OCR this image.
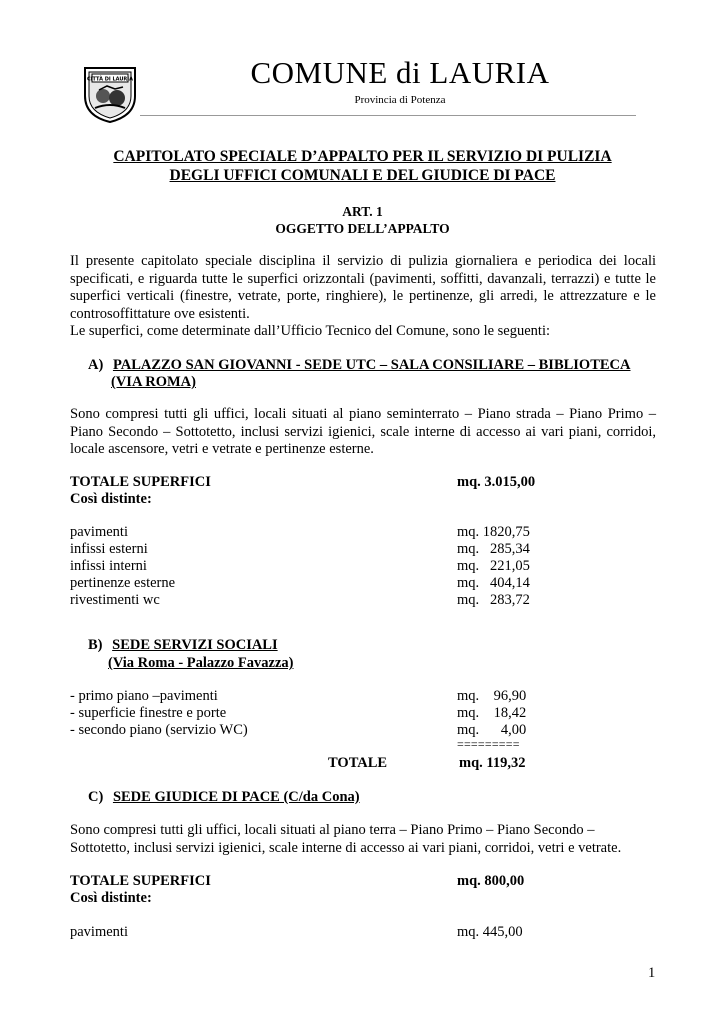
CITTÀ DI LAURIA	COMUNE di LAURIA
Provincia di Potenza
CAPITOLATO SPECIALE D’APPALTO PER IL SERVIZIO DI PULIZIA
DEGLI UFFICI COMUNALI E DEL GIUDICE DI PACE
ART. 1
OGGETTO DELL’APPALTO
Il presente capitolato speciale disciplina il servizio di pulizia giornaliera e periodica dei locali
specificati, e riguarda tutte le superfici orizzontali (pavimenti, soffitti, davanzali, terrazzi) e tutte le
superfici verticali (finestre, vetrate, porte, ringhiere), le pertinenze, gli arredi, le attrezzature e le
controsoffittature ove esistenti.
Le superfici, come determinate dall’Ufficio Tecnico del Comune, sono le seguenti:
A) PALAZZO SAN GIOVANNI - SEDE UTC – SALA CONSILIARE – BIBLIOTECA
(VIA ROMA)
Sono compresi tutti gli uffici, locali situati al piano seminterrato – Piano strada – Piano Primo –
Piano Secondo – Sottotetto, inclusi servizi igienici, scale interne di accesso ai vari piani, corridoi,
locale ascensore, vetri e vetrate e pertinenze esterne.
TOTALE SUPERFICI	mq. 3.015,00
Così distinte:
pavimenti	mq. 1820,75
infissi esterni	mq.   285,34
infissi interni	mq.   221,05
pertinenze esterne	mq.   404,14
rivestimenti wc	mq.   283,72
B) SEDE SERVIZI SOCIALI
(Via Roma - Palazzo Favazza)
- primo piano –pavimenti	mq.    96,90
- superficie finestre e porte	mq.    18,42
- secondo piano (servizio WC)	mq.      4,00
=========
TOTALE	mq. 119,32
C) SEDE GIUDICE DI PACE (C/da Cona)
Sono compresi tutti gli uffici, locali situati al piano terra – Piano Primo – Piano Secondo –
Sottotetto, inclusi servizi igienici, scale interne di accesso ai vari piani, corridoi, vetri e vetrate.
TOTALE SUPERFICI	mq. 800,00
Così distinte:
pavimenti	mq. 445,00
1
